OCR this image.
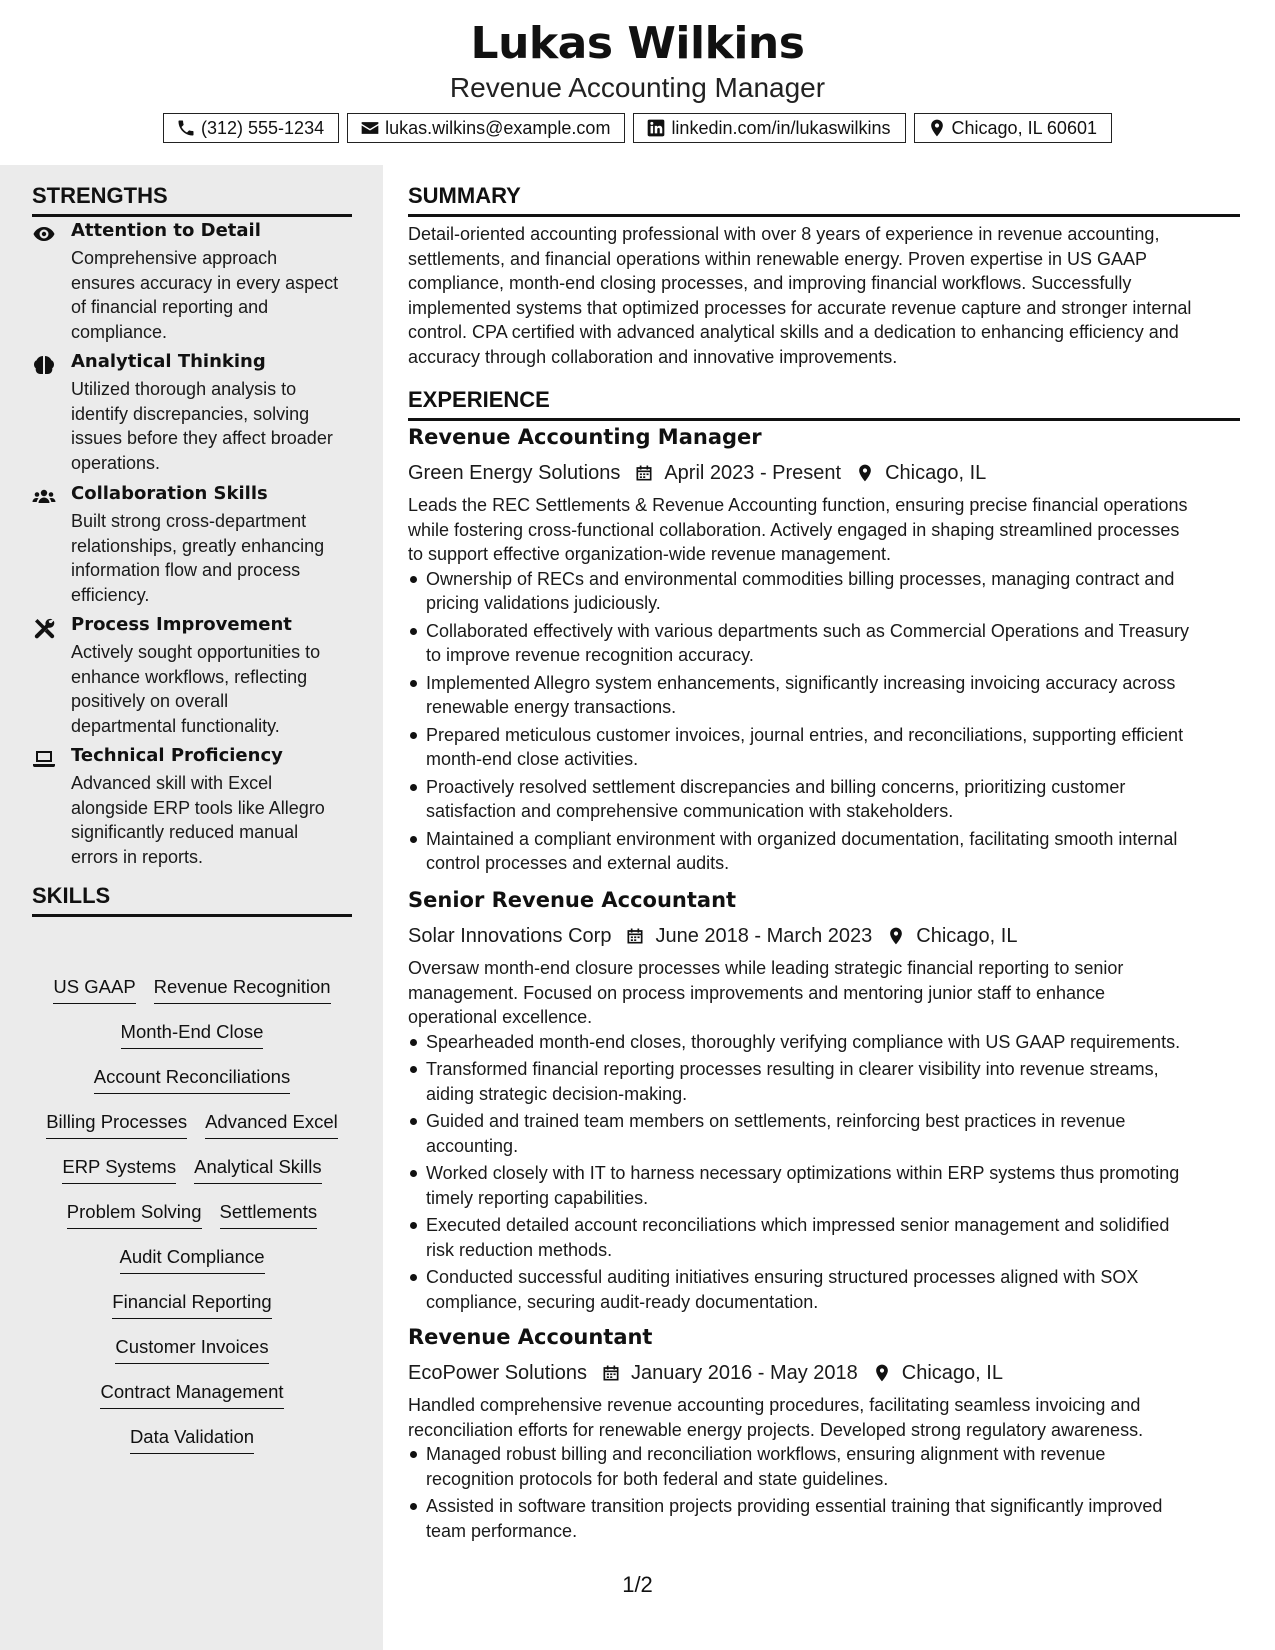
Lukas Wilkins
Revenue Accounting Manager
(312) 555-1234	lukas.wilkins@example.com	linkedin.com/in/lukaswilkins	Chicago, IL 60601
STRENGTHS
Attention to Detail
Comprehensive approach
ensures accuracy in every aspect
of financial reporting and
compliance.
Analytical Thinking
Utilized thorough analysis to
identify discrepancies, solving
issues before they affect broader
operations.
Collaboration Skills
Built strong cross-department
relationships, greatly enhancing
information flow and process
efficiency.
Process Improvement
Actively sought opportunities to
enhance workflows, reflecting
positively on overall
departmental functionality.
Technical Proficiency
Advanced skill with Excel
alongside ERP tools like Allegro
significantly reduced manual
errors in reports.
SKILLS
US GAAP Revenue Recognition
Month-End Close
Account Reconciliations
Billing Processes Advanced Excel
ERP Systems Analytical Skills
Problem Solving Settlements
Audit Compliance
Financial Reporting
Customer Invoices
Contract Management
Data Validation
SUMMARY
Detail-oriented accounting professional with over 8 years of experience in revenue accounting,
settlements, and financial operations within renewable energy. Proven expertise in US GAAP
compliance, month-end closing processes, and improving financial workflows. Successfully
implemented systems that optimized processes for accurate revenue capture and stronger internal
control. CPA certified with advanced analytical skills and a dedication to enhancing efficiency and
accuracy through collaboration and innovative improvements.
EXPERIENCE
Revenue Accounting Manager
Green Energy Solutions April 2023 - Present Chicago, IL
Leads the REC Settlements & Revenue Accounting function, ensuring precise financial operations
while fostering cross-functional collaboration. Actively engaged in shaping streamlined processes
to support effective organization-wide revenue management.
Ownership of RECs and environmental commodities billing processes, managing contract and
pricing validations judiciously.
Collaborated effectively with various departments such as Commercial Operations and Treasury
to improve revenue recognition accuracy.
Implemented Allegro system enhancements, significantly increasing invoicing accuracy across
renewable energy transactions.
Prepared meticulous customer invoices, journal entries, and reconciliations, supporting efficient
month-end close activities.
Proactively resolved settlement discrepancies and billing concerns, prioritizing customer
satisfaction and comprehensive communication with stakeholders.
Maintained a compliant environment with organized documentation, facilitating smooth internal
control processes and external audits.
Senior Revenue Accountant
Solar Innovations Corp June 2018 - March 2023 Chicago, IL
Oversaw month-end closure processes while leading strategic financial reporting to senior
management. Focused on process improvements and mentoring junior staff to enhance
operational excellence.
Spearheaded month-end closes, thoroughly verifying compliance with US GAAP requirements.
Transformed financial reporting processes resulting in clearer visibility into revenue streams,
aiding strategic decision-making.
Guided and trained team members on settlements, reinforcing best practices in revenue
accounting.
Worked closely with IT to harness necessary optimizations within ERP systems thus promoting
timely reporting capabilities.
Executed detailed account reconciliations which impressed senior management and solidified
risk reduction methods.
Conducted successful auditing initiatives ensuring structured processes aligned with SOX
compliance, securing audit-ready documentation.
Revenue Accountant
EcoPower Solutions January 2016 - May 2018 Chicago, IL
Handled comprehensive revenue accounting procedures, facilitating seamless invoicing and
reconciliation efforts for renewable energy projects. Developed strong regulatory awareness.
Managed robust billing and reconciliation workflows, ensuring alignment with revenue
recognition protocols for both federal and state guidelines.
Assisted in software transition projects providing essential training that significantly improved
team performance.
1/2
